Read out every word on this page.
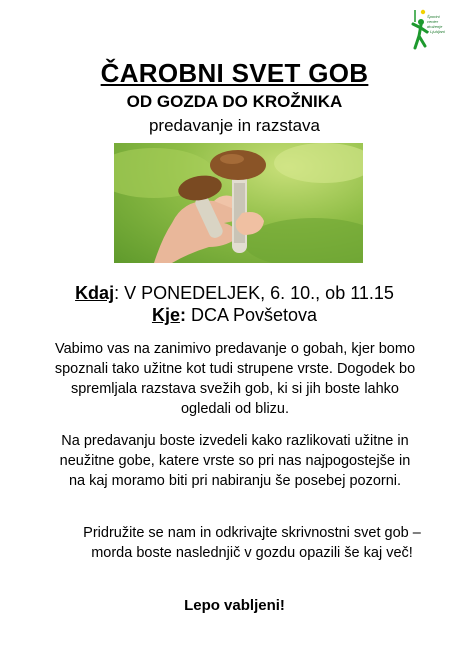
Športni
center
druženje
v Ljubljani
ČAROBNI SVET GOB
OD GOZDA DO KROŽNIKA
predavanje in razstava
Kdaj: V PONEDELJEK, 6. 10., ob 11.15
Kje: DCA Povšetova
Vabimo vas na zanimivo predavanje o gobah, kjer bomo spoznali tako užitne kot tudi strupene vrste. Dogodek bo spremljala razstava svežih gob, ki si jih boste lahko ogledali od blizu.
Na predavanju boste izvedeli kako razlikovati užitne in neužitne gobe, katere vrste so pri nas najpogostejše in na kaj moramo biti pri nabiranju še posebej pozorni.
Pridružite se nam in odkrivajte skrivnostni svet gob – morda boste naslednjič v gozdu opazili še kaj več!
Lepo vabljeni!
